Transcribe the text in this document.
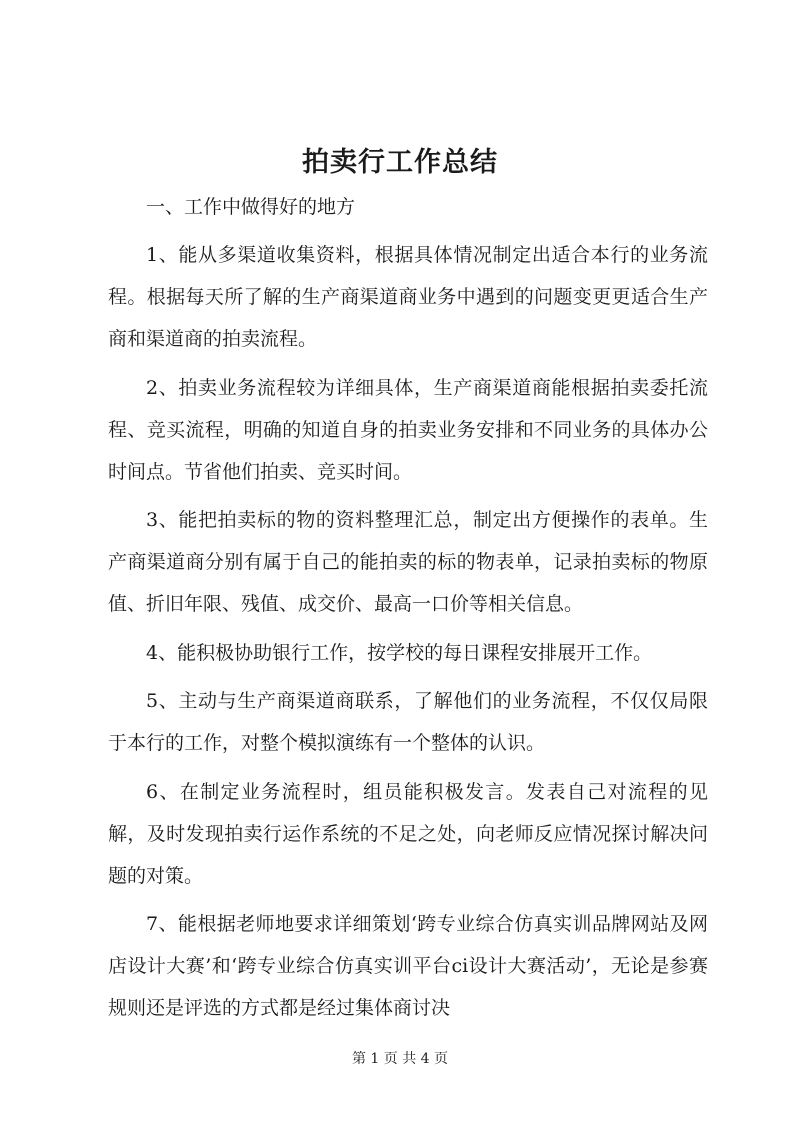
拍卖行工作总结

一、工作中做得好的地方

1、能从多渠道收集资料，根据具体情况制定出适合本行的业务流程。根据每天所了解的生产商渠道商业务中遇到的问题变更更适合生产商和渠道商的拍卖流程。

2、拍卖业务流程较为详细具体，生产商渠道商能根据拍卖委托流程、竞买流程，明确的知道自身的拍卖业务安排和不同业务的具体办公时间点。节省他们拍卖、竞买时间。

3、能把拍卖标的物的资料整理汇总，制定出方便操作的表单。生产商渠道商分别有属于自己的能拍卖的标的物表单，记录拍卖标的物原值、折旧年限、残值、成交价、最高一口价等相关信息。

4、能积极协助银行工作，按学校的每日课程安排展开工作。

5、主动与生产商渠道商联系，了解他们的业务流程，不仅仅局限于本行的工作，对整个模拟演练有一个整体的认识。

6、在制定业务流程时，组员能积极发言。发表自己对流程的见解，及时发现拍卖行运作系统的不足之处，向老师反应情况探讨解决问题的对策。

7、能根据老师地要求详细策划‘跨专业综合仿真实训品牌网站及网店设计大赛’和‘跨专业综合仿真实训平台ci设计大赛活动’，无论是参赛规则还是评选的方式都是经过集体商讨决

第 1 页 共 4 页
